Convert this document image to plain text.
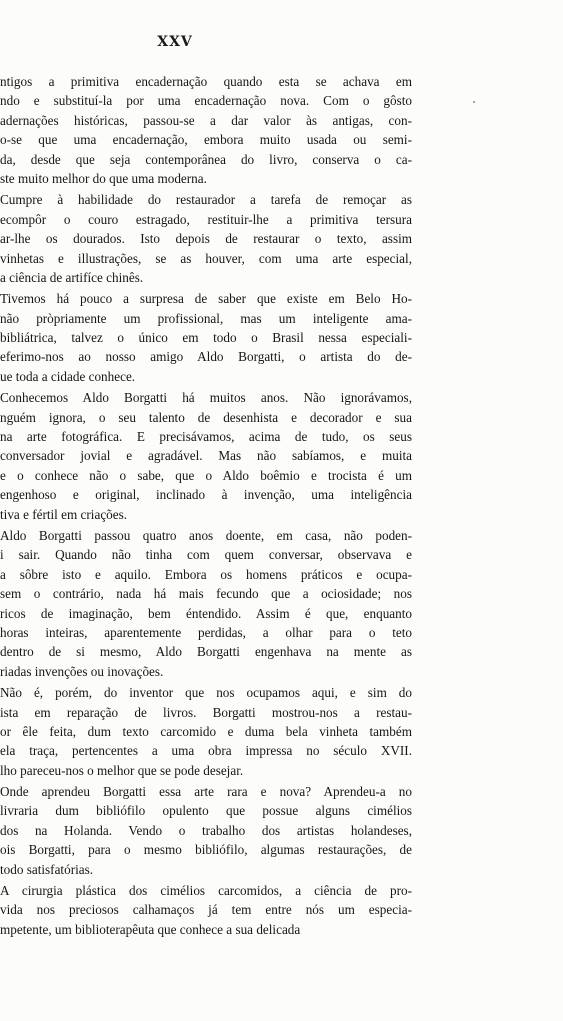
XXV

ntigos a primitiva encadernação quando esta se achava em
ndo e substituí-la por uma encadernação nova. Com o gôsto
adernações históricas, passou-se a dar valor às antigas, con-
o-se que uma encadernação, embora muito usada ou semi-
da, desde que seja contemporânea do livro, conserva o ca-
ste muito melhor do que uma moderna.
Cumpre à habilidade do restaurador a tarefa de remoçar as
ecompôr o couro estragado, restituir-lhe a primitiva tersura
ar-lhe os dourados. Isto depois de restaurar o texto, assim
vinhetas e illustrações, se as houver, com uma arte especial,
a ciência de artifíce chinês.
Tivemos há pouco a surpresa de saber que existe em Belo Ho-
não pròpriamente um profissional, mas um inteligente ama-
bibliátrica, talvez o único em todo o Brasil nessa especiali-
eferimo-nos ao nosso amigo Aldo Borgatti, o artista do de-
ue toda a cidade conhece.
Conhecemos Aldo Borgatti há muitos anos. Não ignorávamos,
nguém ignora, o seu talento de desenhista e decorador e sua
na arte fotográfica. E precisávamos, acima de tudo, os seus
conversador jovial e agradável. Mas não sabíamos, e muita
e o conhece não o sabe, que o Aldo boêmio e trocista é um
engenhoso e original, inclinado à invenção, uma inteligência
tiva e fértil em criações.
Aldo Borgatti passou quatro anos doente, em casa, não poden-
i sair. Quando não tinha com quem conversar, observava e
a sôbre isto e aquilo. Embora os homens práticos e ocupa-
sem o contrário, nada há mais fecundo que a ociosidade; nos
ricos de imaginação, bem éntendido. Assim é que, enquanto
horas inteiras, aparentemente perdidas, a olhar para o teto
dentro de si mesmo, Aldo Borgatti engenhava na mente as
riadas invenções ou inovações.
Não é, porém, do inventor que nos ocupamos aqui, e sim do
ista em reparação de livros. Borgatti mostrou-nos a restau-
or êle feita, dum texto carcomido e duma bela vinheta também
ela traça, pertencentes a uma obra impressa no século XVII.
lho pareceu-nos o melhor que se pode desejar.
Onde aprendeu Borgatti essa arte rara e nova? Aprendeu-a no
livraria dum bibliófilo opulento que possue alguns cimélios
dos na Holanda. Vendo o trabalho dos artistas holandeses,
ois Borgatti, para o mesmo bibliófilo, algumas restaurações, de
todo satisfatórias.
A cirurgia plástica dos cimélios carcomidos, a ciência de pro-
vida nos preciosos calhamaços já tem entre nós um especia-
mpetente, um biblioterapêuta que conhece a sua delicada
